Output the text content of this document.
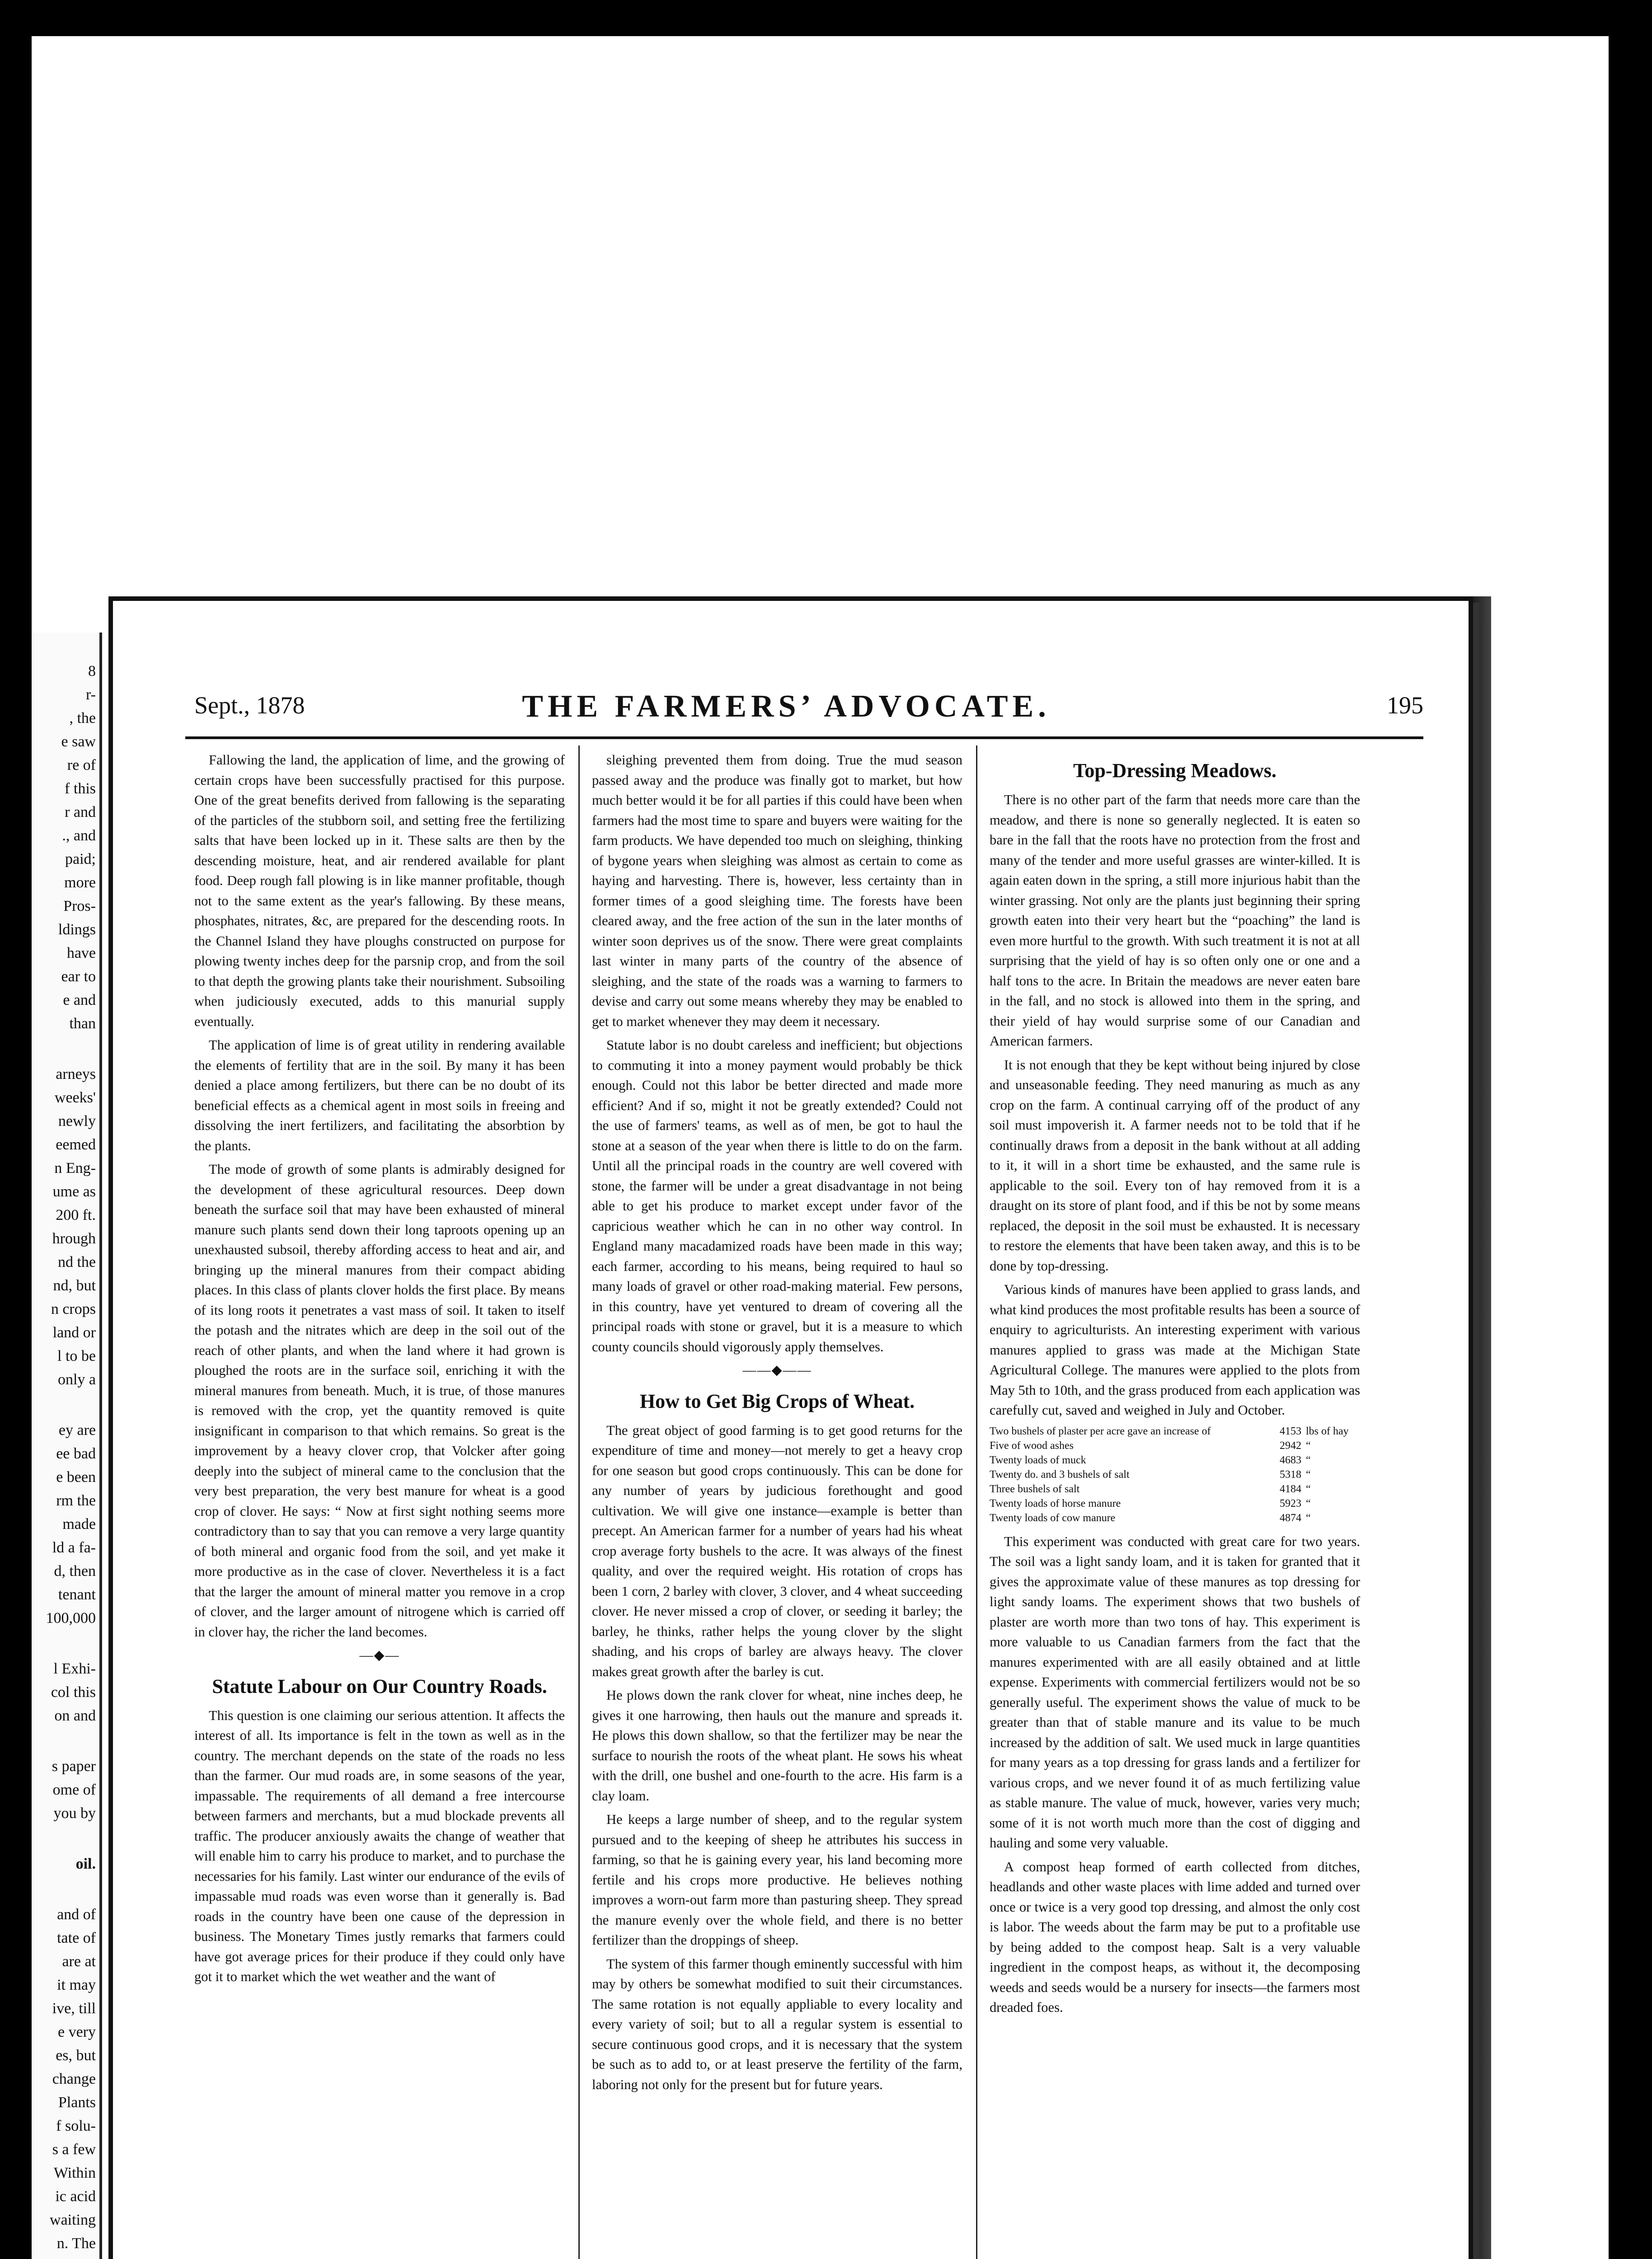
8
r-
, the
e saw
re of
f this
r and
., and
paid;
more
Pros-
ldings
have
ear to
e and
than
arneys
weeks'
newly
eemed
n Eng-
ume as
200 ft.
hrough
nd the
nd, but
n crops
land or
l to be
only a
ey are
ee bad
e been
rm the
made
ld a fa-
d, then
tenant
100,000
l Exhi-
col this
on and
s paper
ome of
you by
oil.
and of
tate of
are at
it may
ive, till
e very
es, but
change
Plants
f solu-
s a few
Within
ic acid
waiting
n. The
Sept., 1878	THE FARMERS’ ADVOCATE.	195

Fallowing the land, the application of lime, and the growing of certain crops have been successfully practised for this purpose. One of the great benefits derived from fallowing is the separating of the particles of the stubborn soil, and setting free the fertilizing salts that have been locked up in it. These salts are then by the descending moisture, heat, and air rendered available for plant food. Deep rough fall plowing is in like manner profitable, though not to the same extent as the year's fallowing. By these means, phosphates, nitrates, &c, are prepared for the descending roots. In the Channel Island they have ploughs constructed on purpose for plowing twenty inches deep for the parsnip crop, and from the soil to that depth the growing plants take their nourishment. Subsoiling when judiciously executed, adds to this manurial supply eventually.

The application of lime is of great utility in rendering available the elements of fertility that are in the soil. By many it has been denied a place among fertilizers, but there can be no doubt of its beneficial effects as a chemical agent in most soils in freeing and dissolving the inert fertilizers, and facilitating the absorbtion by the plants.

The mode of growth of some plants is admirably designed for the development of these agricultural resources. Deep down beneath the surface soil that may have been exhausted of mineral manure such plants send down their long taproots opening up an unexhausted subsoil, thereby affording access to heat and air, and bringing up the mineral manures from their compact abiding places. In this class of plants clover holds the first place. By means of its long roots it penetrates a vast mass of soil. It taken to itself the potash and the nitrates which are deep in the soil out of the reach of other plants, and when the land where it had grown is ploughed the roots are in the surface soil, enriching it with the mineral manures from beneath. Much, it is true, of those manures is removed with the crop, yet the quantity removed is quite insignificant in comparison to that which remains. So great is the improvement by a heavy clover crop, that Volcker after going deeply into the subject of mineral came to the conclusion that the very best preparation, the very best manure for wheat is a good crop of clover. He says: “ Now at first sight nothing seems more contradictory than to say that you can remove a very large quantity of both mineral and organic food from the soil, and yet make it more productive as in the case of clover. Nevertheless it is a fact that the larger the amount of mineral matter you remove in a crop of clover, and the larger amount of nitrogene which is carried off in clover hay, the richer the land becomes.

—◆—
Statute Labour on Our Country Roads.

This question is one claiming our serious attention. It affects the interest of all. Its importance is felt in the town as well as in the country. The merchant depends on the state of the roads no less than the farmer. Our mud roads are, in some seasons of the year, impassable. The requirements of all demand a free intercourse between farmers and merchants, but a mud blockade prevents all traffic. The producer anxiously awaits the change of weather that will enable him to carry his produce to market, and to purchase the necessaries for his family. Last winter our endurance of the evils of impassable mud roads was even worse than it generally is. Bad roads in the country have been one cause of the depression in business. The Monetary Times justly remarks that farmers could have got average prices for their produce if they could only have got it to market which the wet weather and the want of

sleighing prevented them from doing. True the mud season passed away and the produce was finally got to market, but how much better would it be for all parties if this could have been when farmers had the most time to spare and buyers were waiting for the farm products. We have depended too much on sleighing, thinking of bygone years when sleighing was almost as certain to come as haying and harvesting. There is, however, less certainty than in former times of a good sleighing time. The forests have been cleared away, and the free action of the sun in the later months of winter soon deprives us of the snow. There were great complaints last winter in many parts of the country of the absence of sleighing, and the state of the roads was a warning to farmers to devise and carry out some means whereby they may be enabled to get to market whenever they may deem it necessary.

Statute labor is no doubt careless and inefficient; but objections to commuting it into a money payment would probably be thick enough. Could not this labor be better directed and made more efficient? And if so, might it not be greatly extended? Could not the use of farmers' teams, as well as of men, be got to haul the stone at a season of the year when there is little to do on the farm. Until all the principal roads in the country are well covered with stone, the farmer will be under a great disadvantage in not being able to get his produce to market except under favor of the capricious weather which he can in no other way control. In England many macadamized roads have been made in this way; each farmer, according to his means, being required to haul so many loads of gravel or other road-making material. Few persons, in this country, have yet ventured to dream of covering all the principal roads with stone or gravel, but it is a measure to which county councils should vigorously apply themselves.

——◆——
How to Get Big Crops of Wheat.

The great object of good farming is to get good returns for the expenditure of time and money—not merely to get a heavy crop for one season but good crops continuously. This can be done for any number of years by judicious forethought and good cultivation. We will give one instance—example is better than precept. An American farmer for a number of years had his wheat crop average forty bushels to the acre. It was always of the finest quality, and over the required weight. His rotation of crops has been 1 corn, 2 barley with clover, 3 clover, and 4 wheat succeeding clover. He never missed a crop of clover, or seeding it barley; the barley, he thinks, rather helps the young clover by the slight shading, and his crops of barley are always heavy. The clover makes great growth after the barley is cut.

He plows down the rank clover for wheat, nine inches deep, he gives it one harrowing, then hauls out the manure and spreads it. He plows this down shallow, so that the fertilizer may be near the surface to nourish the roots of the wheat plant. He sows his wheat with the drill, one bushel and one-fourth to the acre. His farm is a clay loam.

He keeps a large number of sheep, and to the regular system pursued and to the keeping of sheep he attributes his success in farming, so that he is gaining every year, his land becoming more fertile and his crops more productive. He believes nothing improves a worn-out farm more than pasturing sheep. They spread the manure evenly over the whole field, and there is no better fertilizer than the droppings of sheep.

The system of this farmer though eminently successful with him may by others be somewhat modified to suit their circumstances. The same rotation is not equally appliable to every locality and every variety of soil; but to all a regular system is essential to secure continuous good crops, and it is necessary that the system be such as to add to, or at least preserve the fertility of the farm, laboring not only for the present but for future years.

Top-Dressing Meadows.

There is no other part of the farm that needs more care than the meadow, and there is none so generally neglected. It is eaten so bare in the fall that the roots have no protection from the frost and many of the tender and more useful grasses are winter-killed. It is again eaten down in the spring, a still more injurious habit than the winter grassing. Not only are the plants just beginning their spring growth eaten into their very heart but the “poaching” the land is even more hurtful to the growth. With such treatment it is not at all surprising that the yield of hay is so often only one or one and a half tons to the acre. In Britain the meadows are never eaten bare in the fall, and no stock is allowed into them in the spring, and their yield of hay would surprise some of our Canadian and American farmers.

It is not enough that they be kept without being injured by close and unseasonable feeding. They need manuring as much as any crop on the farm. A continual carrying off of the product of any soil must impoverish it. A farmer needs not to be told that if he continually draws from a deposit in the bank without at all adding to it, it will in a short time be exhausted, and the same rule is applicable to the soil. Every ton of hay removed from it is a draught on its store of plant food, and if this be not by some means replaced, the deposit in the soil must be exhausted. It is necessary to restore the elements that have been taken away, and this is to be done by top-dressing.

Various kinds of manures have been applied to grass lands, and what kind produces the most profitable results has been a source of enquiry to agriculturists. An interesting experiment with various manures applied to grass was made at the Michigan State Agricultural College. The manures were applied to the plots from May 5th to 10th, and the grass produced from each application was carefully cut, saved and weighed in July and October.

Two bushels of plaster per acre gave an increase of	4153	lbs of hay
Five of wood ashes	2942	“
Twenty loads of muck	4683	“
Twenty do. and 3 bushels of salt	5318	“
Three bushels of salt	4184	“
Twenty loads of horse manure	5923	“
Twenty loads of cow manure	4874	“

This experiment was conducted with great care for two years. The soil was a light sandy loam, and it is taken for granted that it gives the approximate value of these manures as top dressing for light sandy loams. The experiment shows that two bushels of plaster are worth more than two tons of hay. This experiment is more valuable to us Canadian farmers from the fact that the manures experimented with are all easily obtained and at little expense. Experiments with commercial fertilizers would not be so generally useful. The experiment shows the value of muck to be greater than that of stable manure and its value to be much increased by the addition of salt. We used muck in large quantities for many years as a top dressing for grass lands and a fertilizer for various crops, and we never found it of as much fertilizing value as stable manure. The value of muck, however, varies very much; some of it is not worth much more than the cost of digging and hauling and some very valuable.

A compost heap formed of earth collected from ditches, headlands and other waste places with lime added and turned over once or twice is a very good top dressing, and almost the only cost is labor. The weeds about the farm may be put to a profitable use by being added to the compost heap. Salt is a very valuable ingredient in the compost heaps, as without it, the decomposing weeds and seeds would be a nursery for insects—the farmers most dreaded foes.
